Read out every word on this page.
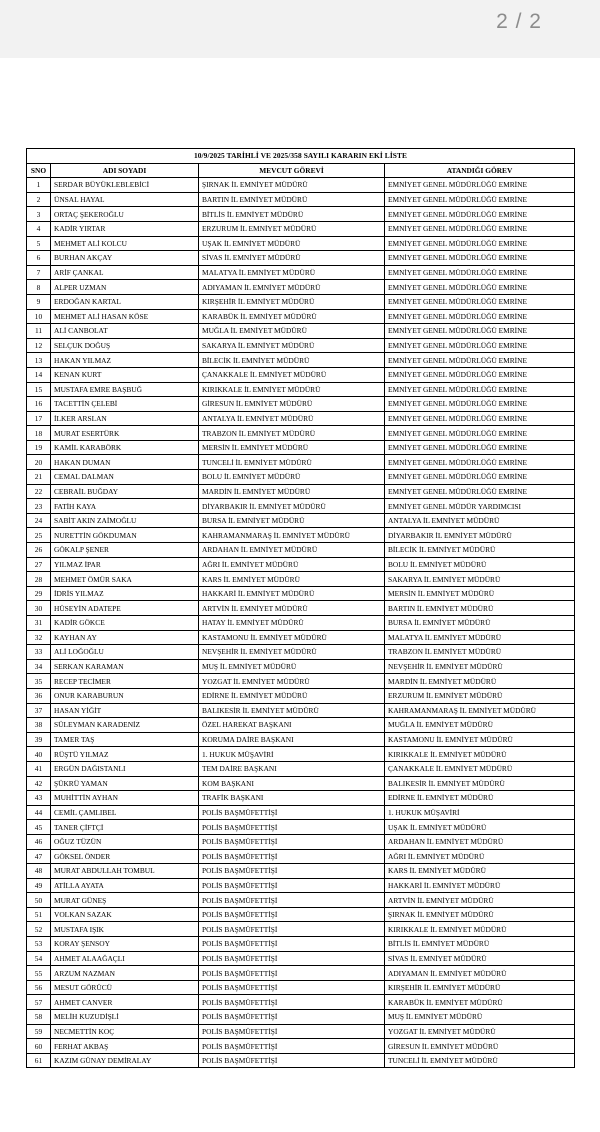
2 / 2
10/9/2025 TARİHLİ VE 2025/358 SAYILI KARARIN EKİ LİSTE			
SNO	ADI SOYADI	MEVCUT GÖREVİ	ATANDIĞI GÖREV
1	SERDAR BÜYÜKLEBLEBİCİ	ŞIRNAK İL EMNİYET MÜDÜRÜ	EMNİYET GENEL MÜDÜRLÜĞÜ EMRİNE
2	ÜNSAL HAYAL	BARTIN İL EMNİYET MÜDÜRÜ	EMNİYET GENEL MÜDÜRLÜĞÜ EMRİNE
3	ORTAÇ ŞEKEROĞLU	BİTLİS İL EMNİYET MÜDÜRÜ	EMNİYET GENEL MÜDÜRLÜĞÜ EMRİNE
4	KADİR YIRTAR	ERZURUM İL EMNİYET MÜDÜRÜ	EMNİYET GENEL MÜDÜRLÜĞÜ EMRİNE
5	MEHMET ALİ KOLCU	UŞAK İL EMNİYET MÜDÜRÜ	EMNİYET GENEL MÜDÜRLÜĞÜ EMRİNE
6	BURHAN AKÇAY	SİVAS İL EMNİYET MÜDÜRÜ	EMNİYET GENEL MÜDÜRLÜĞÜ EMRİNE
7	ARİF ÇANKAL	MALATYA İL EMNİYET MÜDÜRÜ	EMNİYET GENEL MÜDÜRLÜĞÜ EMRİNE
8	ALPER UZMAN	ADIYAMAN İL EMNİYET MÜDÜRÜ	EMNİYET GENEL MÜDÜRLÜĞÜ EMRİNE
9	ERDOĞAN KARTAL	KIRŞEHİR İL EMNİYET MÜDÜRÜ	EMNİYET GENEL MÜDÜRLÜĞÜ EMRİNE
10	MEHMET ALİ HASAN KÖSE	KARABÜK İL EMNİYET MÜDÜRÜ	EMNİYET GENEL MÜDÜRLÜĞÜ EMRİNE
11	ALİ CANBOLAT	MUĞLA İL EMNİYET MÜDÜRÜ	EMNİYET GENEL MÜDÜRLÜĞÜ EMRİNE
12	SELÇUK DOĞUŞ	SAKARYA İL EMNİYET MÜDÜRÜ	EMNİYET GENEL MÜDÜRLÜĞÜ EMRİNE
13	HAKAN YILMAZ	BİLECİK İL EMNİYET MÜDÜRÜ	EMNİYET GENEL MÜDÜRLÜĞÜ EMRİNE
14	KENAN KURT	ÇANAKKALE İL EMNİYET MÜDÜRÜ	EMNİYET GENEL MÜDÜRLÜĞÜ EMRİNE
15	MUSTAFA EMRE BAŞBUĞ	KIRIKKALE İL EMNİYET MÜDÜRÜ	EMNİYET GENEL MÜDÜRLÜĞÜ EMRİNE
16	TACETTİN ÇELEBİ	GİRESUN İL EMNİYET MÜDÜRÜ	EMNİYET GENEL MÜDÜRLÜĞÜ EMRİNE
17	İLKER ARSLAN	ANTALYA İL EMNİYET MÜDÜRÜ	EMNİYET GENEL MÜDÜRLÜĞÜ EMRİNE
18	MURAT ESERTÜRK	TRABZON İL EMNİYET MÜDÜRÜ	EMNİYET GENEL MÜDÜRLÜĞÜ EMRİNE
19	KAMİL KARABÖRK	MERSİN İL EMNİYET MÜDÜRÜ	EMNİYET GENEL MÜDÜRLÜĞÜ EMRİNE
20	HAKAN DUMAN	TUNCELİ İL EMNİYET MÜDÜRÜ	EMNİYET GENEL MÜDÜRLÜĞÜ EMRİNE
21	CEMAL DALMAN	BOLU İL EMNİYET MÜDÜRÜ	EMNİYET GENEL MÜDÜRLÜĞÜ EMRİNE
22	CEBRAİL BUĞDAY	MARDİN İL EMNİYET MÜDÜRÜ	EMNİYET GENEL MÜDÜRLÜĞÜ EMRİNE
23	FATİH KAYA	DİYARBAKIR İL EMNİYET MÜDÜRÜ	EMNİYET GENEL MÜDÜR YARDIMCISI
24	SABİT AKIN ZAİMOĞLU	BURSA İL EMNİYET MÜDÜRÜ	ANTALYA İL EMNİYET MÜDÜRÜ
25	NURETTİN GÖKDUMAN	KAHRAMANMARAŞ İL EMNİYET MÜDÜRÜ	DİYARBAKIR İL EMNİYET MÜDÜRÜ
26	GÖKALP ŞENER	ARDAHAN İL EMNİYET MÜDÜRÜ	BİLECİK İL EMNİYET MÜDÜRÜ
27	YILMAZ İPAR	AĞRI İL EMNİYET MÜDÜRÜ	BOLU İL EMNİYET MÜDÜRÜ
28	MEHMET ÖMÜR SAKA	KARS İL EMNİYET MÜDÜRÜ	SAKARYA İL EMNİYET MÜDÜRÜ
29	İDRİS YILMAZ	HAKKARİ İL EMNİYET MÜDÜRÜ	MERSİN İL EMNİYET MÜDÜRÜ
30	HÜSEYİN ADATEPE	ARTVİN İL EMNİYET MÜDÜRÜ	BARTIN İL EMNİYET MÜDÜRÜ
31	KADİR GÖKCE	HATAY İL EMNİYET MÜDÜRÜ	BURSA İL EMNİYET MÜDÜRÜ
32	KAYHAN AY	KASTAMONU İL EMNİYET MÜDÜRÜ	MALATYA İL EMNİYET MÜDÜRÜ
33	ALİ LOĞOĞLU	NEVŞEHİR İL EMNİYET MÜDÜRÜ	TRABZON İL EMNİYET MÜDÜRÜ
34	SERKAN KARAMAN	MUŞ İL EMNİYET MÜDÜRÜ	NEVŞEHİR İL EMNİYET MÜDÜRÜ
35	RECEP TECİMER	YOZGAT İL EMNİYET MÜDÜRÜ	MARDİN İL EMNİYET MÜDÜRÜ
36	ONUR KARABURUN	EDİRNE İL EMNİYET MÜDÜRÜ	ERZURUM İL EMNİYET MÜDÜRÜ
37	HASAN YİĞİT	BALIKESİR İL EMNİYET MÜDÜRÜ	KAHRAMANMARAŞ İL EMNİYET MÜDÜRÜ
38	SÜLEYMAN KARADENİZ	ÖZEL HAREKAT BAŞKANI	MUĞLA İL EMNİYET MÜDÜRÜ
39	TAMER TAŞ	KORUMA DAİRE BAŞKANI	KASTAMONU İL EMNİYET MÜDÜRÜ
40	RÜŞTÜ YILMAZ	1. HUKUK MÜŞAVİRİ	KIRIKKALE İL EMNİYET MÜDÜRÜ
41	ERGÜN DAĞISTANLI	TEM DAİRE BAŞKANI	ÇANAKKALE İL EMNİYET MÜDÜRÜ
42	ŞÜKRÜ YAMAN	KOM BAŞKANI	BALIKESİR İL EMNİYET MÜDÜRÜ
43	MUHİTTİN AYHAN	TRAFİK BAŞKANI	EDİRNE İL EMNİYET MÜDÜRÜ
44	CEMİL ÇAMLIBEL	POLİS BAŞMÜFETTİŞİ	1. HUKUK MÜŞAVİRİ
45	TANER ÇİFTÇİ	POLİS BAŞMÜFETTİŞİ	UŞAK İL EMNİYET MÜDÜRÜ
46	OĞUZ TÜZÜN	POLİS BAŞMÜFETTİŞİ	ARDAHAN İL EMNİYET MÜDÜRÜ
47	GÖKSEL ÖNDER	POLİS BAŞMÜFETTİŞİ	AĞRI İL EMNİYET MÜDÜRÜ
48	MURAT ABDULLAH TOMBUL	POLİS BAŞMÜFETTİŞİ	KARS İL EMNİYET MÜDÜRÜ
49	ATİLLA AYATA	POLİS BAŞMÜFETTİŞİ	HAKKARİ İL EMNİYET MÜDÜRÜ
50	MURAT GÜNEŞ	POLİS BAŞMÜFETTİŞİ	ARTVİN İL EMNİYET MÜDÜRÜ
51	VOLKAN SAZAK	POLİS BAŞMÜFETTİŞİ	ŞIRNAK İL EMNİYET MÜDÜRÜ
52	MUSTAFA IŞIK	POLİS BAŞMÜFETTİŞİ	KIRIKKALE İL EMNİYET MÜDÜRÜ
53	KORAY ŞENSOY	POLİS BAŞMÜFETTİŞİ	BİTLİS İL EMNİYET MÜDÜRÜ
54	AHMET ALAAĞAÇLI	POLİS BAŞMÜFETTİŞİ	SİVAS İL EMNİYET MÜDÜRÜ
55	ARZUM NAZMAN	POLİS BAŞMÜFETTİŞİ	ADIYAMAN İL EMNİYET MÜDÜRÜ
56	MESUT GÖRÜCÜ	POLİS BAŞMÜFETTİŞİ	KIRŞEHİR İL EMNİYET MÜDÜRÜ
57	AHMET CANVER	POLİS BAŞMÜFETTİŞİ	KARABÜK İL EMNİYET MÜDÜRÜ
58	MELİH KUZUDİŞLİ	POLİS BAŞMÜFETTİŞİ	MUŞ İL EMNİYET MÜDÜRÜ
59	NECMETTİN KOÇ	POLİS BAŞMÜFETTİŞİ	YOZGAT İL EMNİYET MÜDÜRÜ
60	FERHAT AKBAŞ	POLİS BAŞMÜFETTİŞİ	GİRESUN İL EMNİYET MÜDÜRÜ
61	KAZIM GÜNAY DEMİRALAY	POLİS BAŞMÜFETTİŞİ	TUNCELİ İL EMNİYET MÜDÜRÜ
